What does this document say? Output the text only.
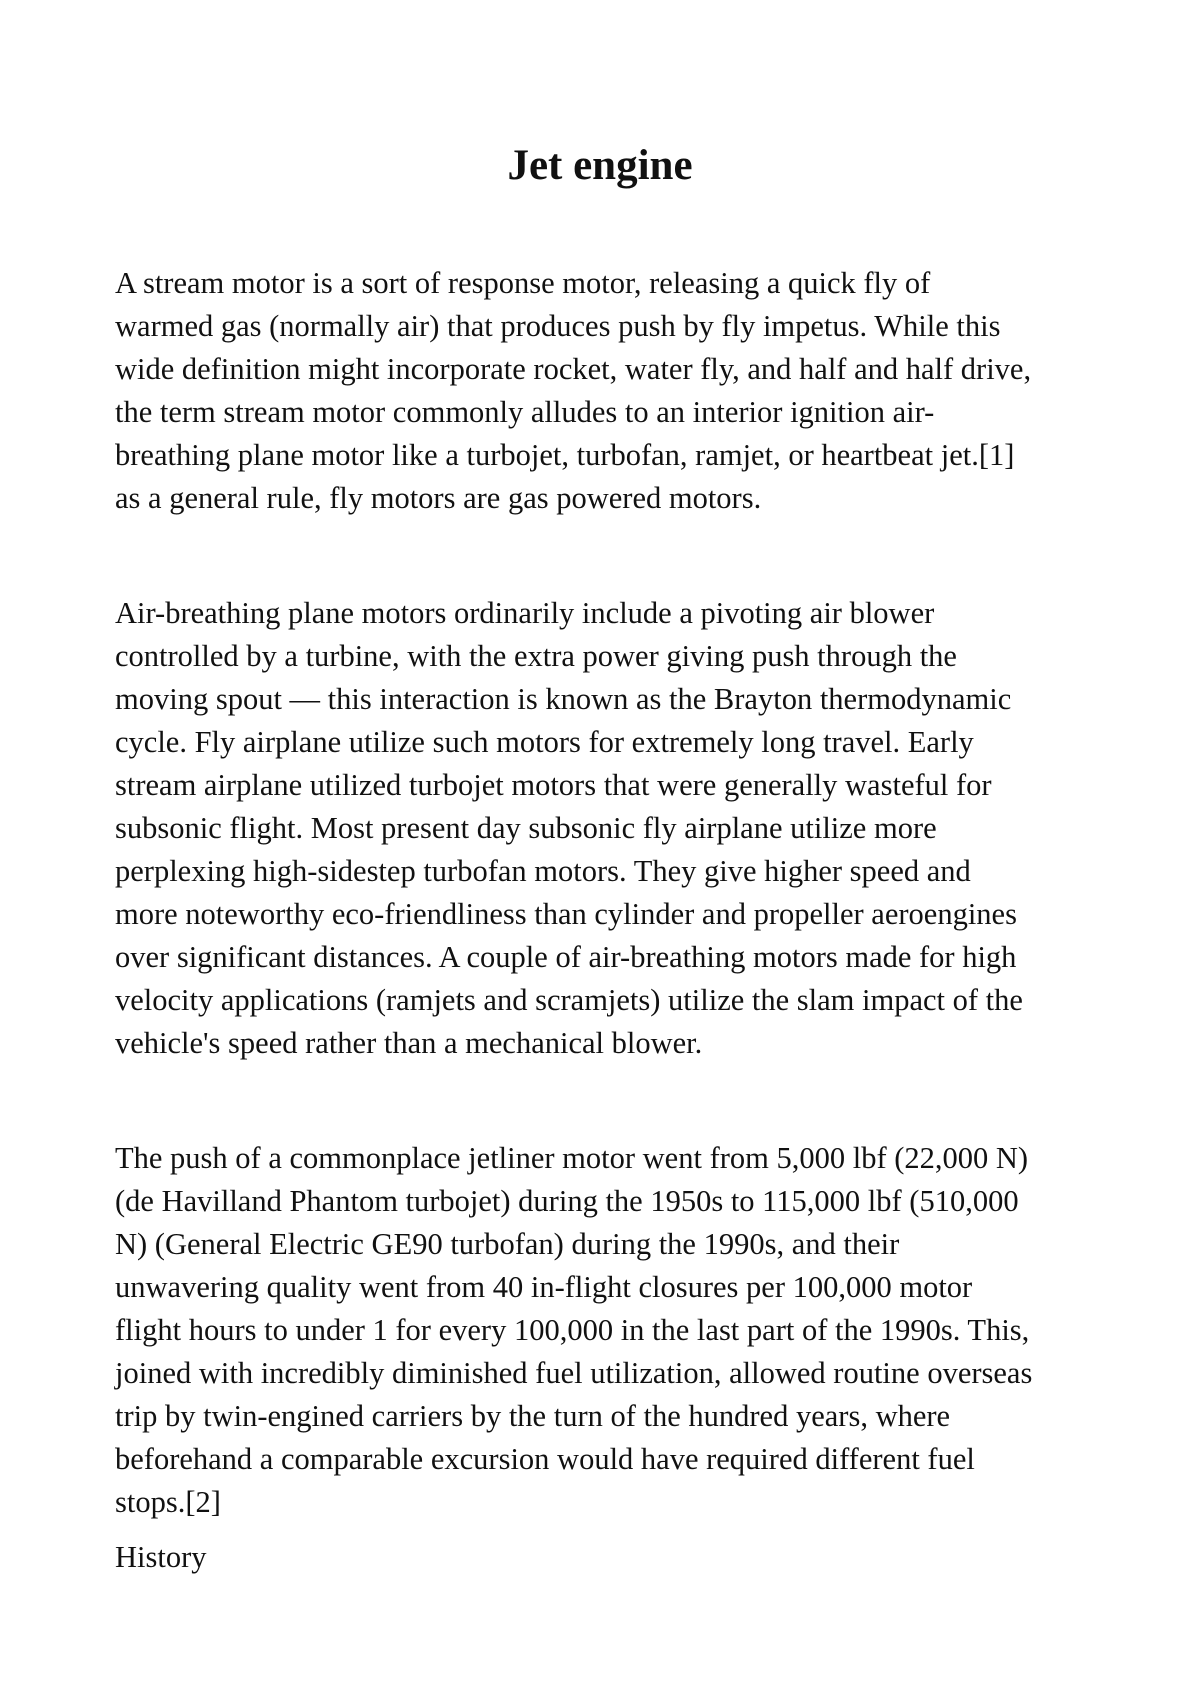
Jet engine

A stream motor is a sort of response motor, releasing a quick fly of
warmed gas (normally air) that produces push by fly impetus. While this
wide definition might incorporate rocket, water fly, and half and half drive,
the term stream motor commonly alludes to an interior ignition air-
breathing plane motor like a turbojet, turbofan, ramjet, or heartbeat jet.[1]
as a general rule, fly motors are gas powered motors.

Air-breathing plane motors ordinarily include a pivoting air blower
controlled by a turbine, with the extra power giving push through the
moving spout — this interaction is known as the Brayton thermodynamic
cycle. Fly airplane utilize such motors for extremely long travel. Early
stream airplane utilized turbojet motors that were generally wasteful for
subsonic flight. Most present day subsonic fly airplane utilize more
perplexing high-sidestep turbofan motors. They give higher speed and
more noteworthy eco-friendliness than cylinder and propeller aeroengines
over significant distances. A couple of air-breathing motors made for high
velocity applications (ramjets and scramjets) utilize the slam impact of the
vehicle's speed rather than a mechanical blower.

The push of a commonplace jetliner motor went from 5,000 lbf (22,000 N)
(de Havilland Phantom turbojet) during the 1950s to 115,000 lbf (510,000
N) (General Electric GE90 turbofan) during the 1990s, and their
unwavering quality went from 40 in-flight closures per 100,000 motor
flight hours to under 1 for every 100,000 in the last part of the 1990s. This,
joined with incredibly diminished fuel utilization, allowed routine overseas
trip by twin-engined carriers by the turn of the hundred years, where
beforehand a comparable excursion would have required different fuel
stops.[2]

History
